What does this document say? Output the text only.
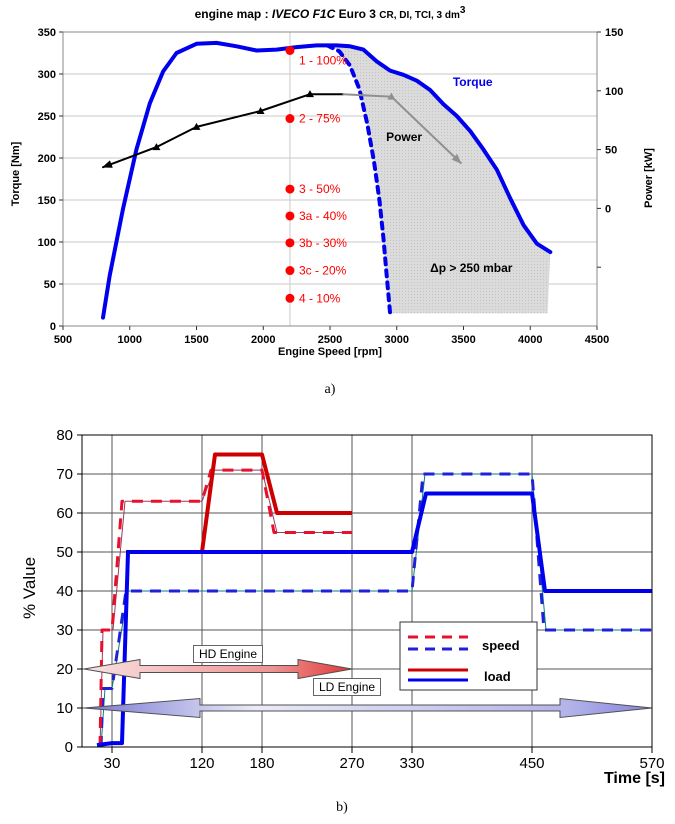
engine map : IVECO F1C Euro 3 CR, DI, TCI, 3 $dm^3$
0
50
100
150
200
250
300
350
500	1000	1500	2000	2500	3000	3500	4000	4500
150
100
50
0
1 - 100%
2 - 75%
3 - 50%
3a - 40%
3b - 30%
3c - 20%
4 - 10%
Torque
Power
Δp > 250 mbar
Torque [Nm]	Power [kW]
Engine Speed [rpm]
a)
0
10
20
30
40
50
60
70
80
30	120 180	270 330	450	570
speed
load
% Value
HD Engine
LD Engine
Time [s]
b)
